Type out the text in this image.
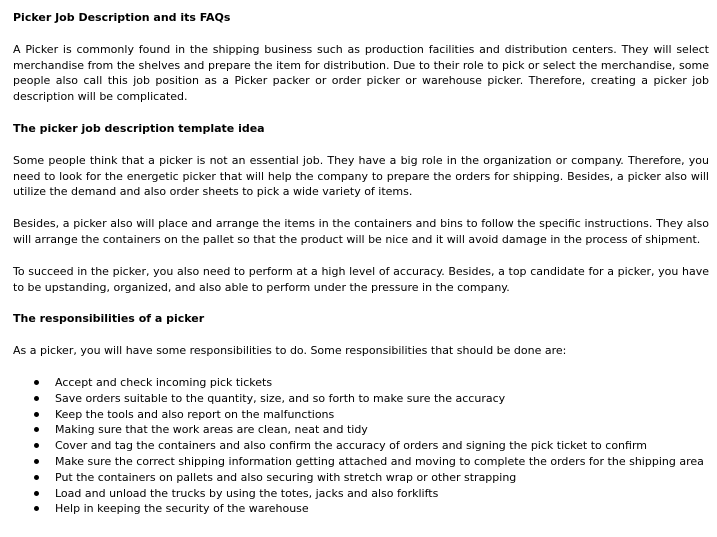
Picker Job Description and its FAQs

A Picker is commonly found in the shipping business such as production facilities and distribution centers. They will select merchandise from the shelves and prepare the item for distribution. Due to their role to pick or select the merchandise, some people also call this job position as a Picker packer or order picker or warehouse picker. Therefore, creating a picker job description will be complicated.

The picker job description template idea

Some people think that a picker is not an essential job. They have a big role in the organization or company. Therefore, you need to look for the energetic picker that will help the company to prepare the orders for shipping. Besides, a picker also will utilize the demand and also order sheets to pick a wide variety of items.

Besides, a picker also will place and arrange the items in the containers and bins to follow the specific instructions. They also will arrange the containers on the pallet so that the product will be nice and it will avoid damage in the process of shipment.

To succeed in the picker, you also need to perform at a high level of accuracy. Besides, a top candidate for a picker, you have to be upstanding, organized, and also able to perform under the pressure in the company.

The responsibilities of a picker

As a picker, you will have some responsibilities to do. Some responsibilities that should be done are:

Accept and check incoming pick tickets
Save orders suitable to the quantity, size, and so forth to make sure the accuracy
Keep the tools and also report on the malfunctions
Making sure that the work areas are clean, neat and tidy
Cover and tag the containers and also confirm the accuracy of orders and signing the pick ticket to confirm
Make sure the correct shipping information getting attached and moving to complete the orders for the shipping area
Put the containers on pallets and also securing with stretch wrap or other strapping
Load and unload the trucks by using the totes, jacks and also forklifts
Help in keeping the security of the warehouse
